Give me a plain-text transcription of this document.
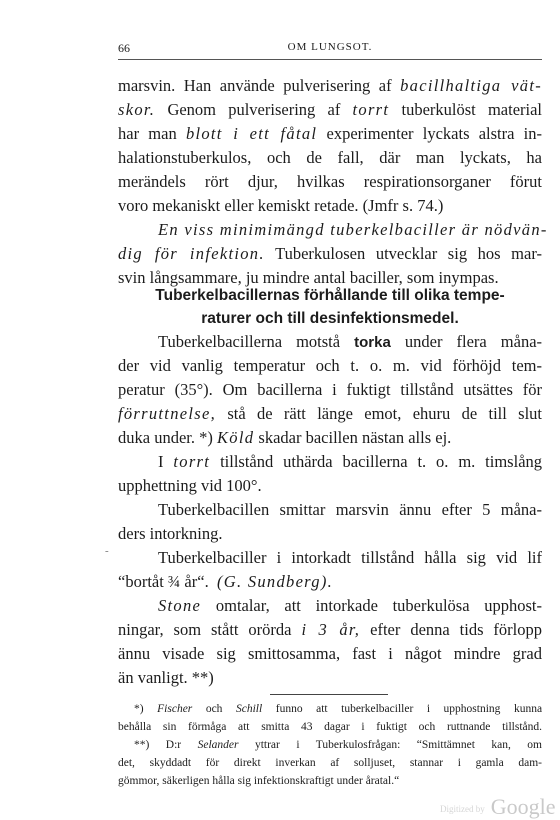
66	OM LUNGSOT.
marsvin. Han använde pulverisering af bacillhaltiga vät-
skor. Genom pulverisering af torrt tuberkulöst material
har man blott i ett fåtal experimenter lyckats alstra in-
halationstuberkulos, och de fall, där man lyckats, ha
merändels rört djur, hvilkas respirationsorganer förut
voro mekaniskt eller kemiskt retade. (Jmfr s. 74.)
En viss minimimängd tuberkelbaciller är nödvän-
dig för infektion. Tuberkulosen utvecklar sig hos mar-
svin långsammare, ju mindre antal baciller, som inympas.
Tuberkelbacillernas förhållande till olika tempe-
raturer och till desinfektionsmedel.
Tuberkelbacillerna motstå torka under flera måna-
der vid vanlig temperatur och t. o. m. vid förhöjd tem-
peratur (35°). Om bacillerna i fuktigt tillstånd utsättes för
förruttnelse, stå de rätt länge emot, ehuru de till slut
duka under. *) Köld skadar bacillen nästan alls ej.
I torrt tillstånd uthärda bacillerna t. o. m. timslång
upphettning vid 100°.
Tuberkelbacillen smittar marsvin ännu efter 5 måna-
ders intorkning.
Tuberkelbaciller i intorkadt tillstånd hålla sig vid lif
-
“bortåt ¾ år“. (G. Sundberg).
Stone omtalar, att intorkade tuberkulösa upphost-
ningar, som stått orörda i 3 år, efter denna tids förlopp
ännu visade sig smittosamma, fast i något mindre grad
än vanligt. **)
*) Fischer och Schill funno att tuberkelbaciller i upphostning kunna
behålla sin förmåga att smitta 43 dagar i fuktigt och ruttnande tillstånd.
**) D:r Selander yttrar i Tuberkulosfrågan: “Smittämnet kan, om
det, skyddadt för direkt inverkan af solljuset, stannar i gamla dam-
gömmor, säkerligen hålla sig infektionskraftigt under åratal.“
Digitized by Google
